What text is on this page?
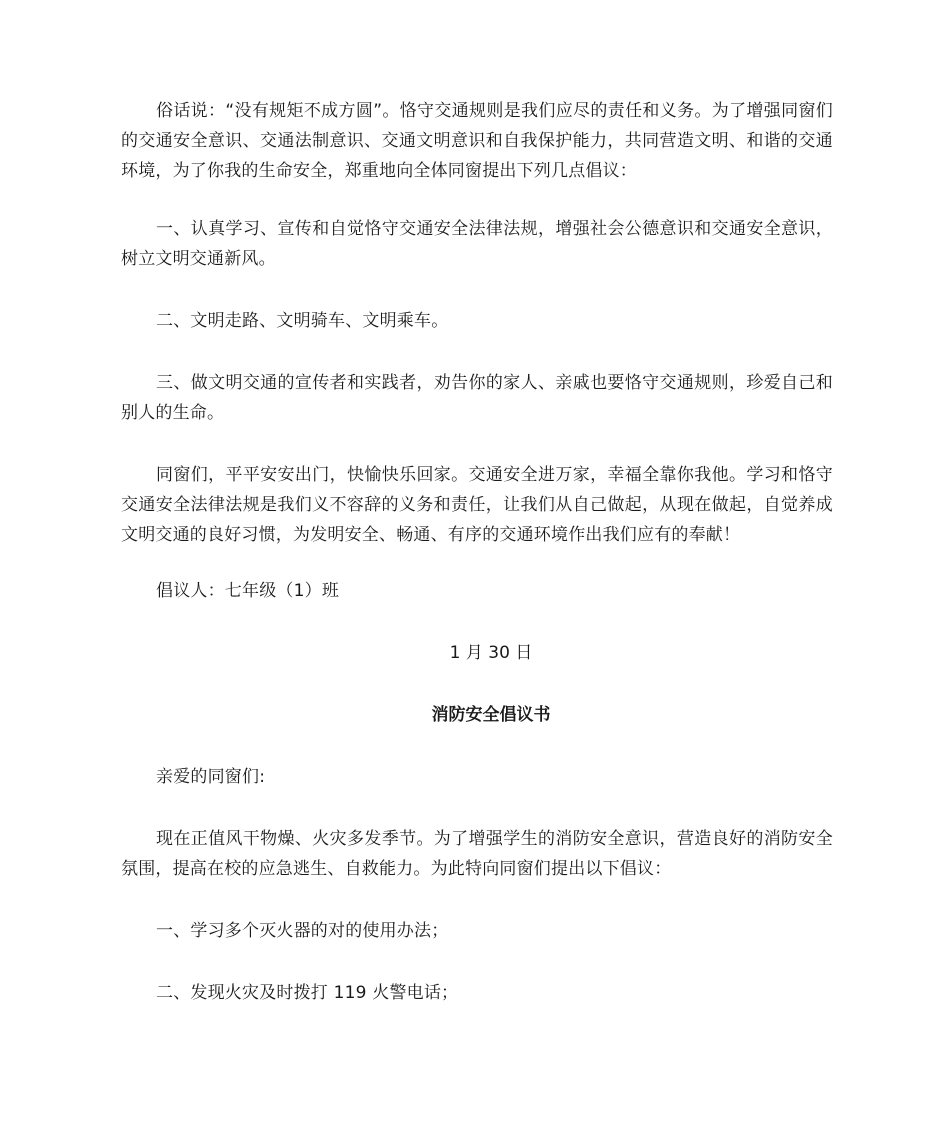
俗话说：“没有规矩不成方圆”。恪守交通规则是我们应尽的责任和义务。为了增强同窗们的交通安全意识、交通法制意识、交通文明意识和自我保护能力，共同营造文明、和谐的交通环境，为了你我的生命安全，郑重地向全体同窗提出下列几点倡议：

一、认真学习、宣传和自觉恪守交通安全法律法规，增强社会公德意识和交通安全意识，树立文明交通新风。

二、文明走路、文明骑车、文明乘车。

三、做文明交通的宣传者和实践者，劝告你的家人、亲戚也要恪守交通规则，珍爱自己和别人的生命。

同窗们，平平安安出门，快愉快乐回家。交通安全进万家，幸福全靠你我他。学习和恪守交通安全法律法规是我们义不容辞的义务和责任，让我们从自己做起，从现在做起，自觉养成文明交通的良好习惯，为发明安全、畅通、有序的交通环境作出我们应有的奉献！

倡议人：七年级（1）班

1 月 30 日

消防安全倡议书

亲爱的同窗们:

现在正值风干物燥、火灾多发季节。为了增强学生的消防安全意识，营造良好的消防安全氛围，提高在校的应急逃生、自救能力。为此特向同窗们提出以下倡议：

一、学习多个灭火器的对的使用办法；

二、发现火灾及时拨打 119 火警电话；
